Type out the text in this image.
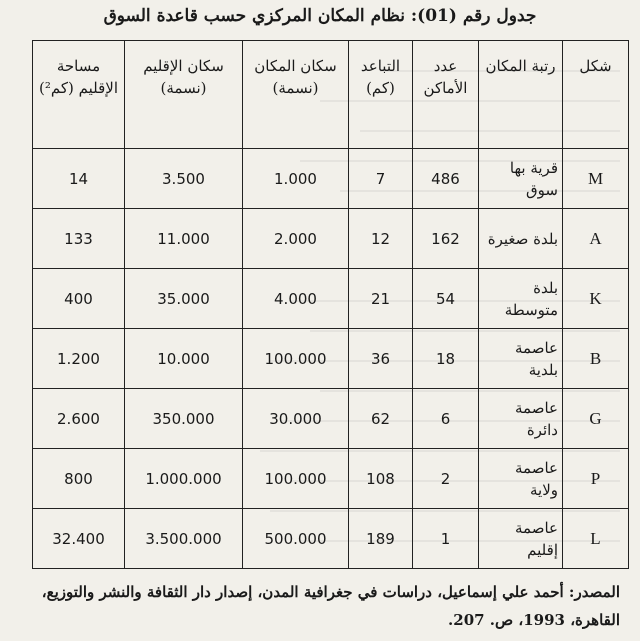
جدول رقم (01): نظام المكان المركزي حسب قاعدة السوق
شكل	رتبة المكان	عدد الأماكن	التباعد (كم)	سكان المكان (نسمة)	سكان الإقليم (نسمة)	مساحة الإقليم (كم²)
M	قرية بها سوق	486	7	1.000	3.500	14
A	بلدة صغيرة	162	12	2.000	11.000	133
K	بلدة متوسطة	54	21	4.000	35.000	400
B	عاصمة بلدية	18	36	100.000	10.000	1.200
G	عاصمة دائرة	6	62	30.000	350.000	2.600
P	عاصمة ولاية	2	108	100.000	1.000.000	800
L	عاصمة إقليم	1	189	500.000	3.500.000	32.400
المصدر: أحمد علي إسماعيل، دراسات في جغرافية المدن، إصدار دار الثقافة والنشر والتوزيع، القاهرة، 1993، ص. 207.
